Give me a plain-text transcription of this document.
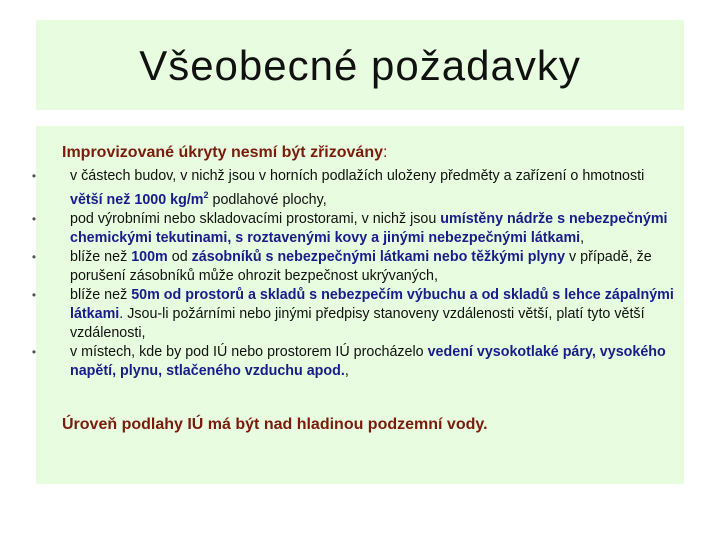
Všeobecné požadavky
Improvizované úkryty nesmí být zřizovány:
• v částech budov, v nichž jsou v horních podlažích uloženy předměty a zařízení o hmotnosti větší než 1000 $kg/m^2$ podlahové plochy,
• pod výrobními nebo skladovacími prostorami, v nichž jsou umístěny nádrže s nebezpečnými chemickými tekutinami, s roztavenými kovy a jinými nebezpečnými látkami,
• blíže než 100m od zásobníků s nebezpečnými látkami nebo těžkými plyny v případě, že porušení zásobníků může ohrozit bezpečnost ukrývaných,
• blíže než 50m od prostorů a skladů s nebezpečím výbuchu a od skladů s lehce zápalnými látkami. Jsou-li požárními nebo jinými předpisy stanoveny vzdálenosti větší, platí tyto větší vzdálenosti,
• v místech, kde by pod IÚ nebo prostorem IÚ procházelo vedení vysokotlaké páry, vysokého napětí, plynu, stlačeného vzduchu apod.,
Úroveň podlahy IÚ má být nad hladinou podzemní vody.
